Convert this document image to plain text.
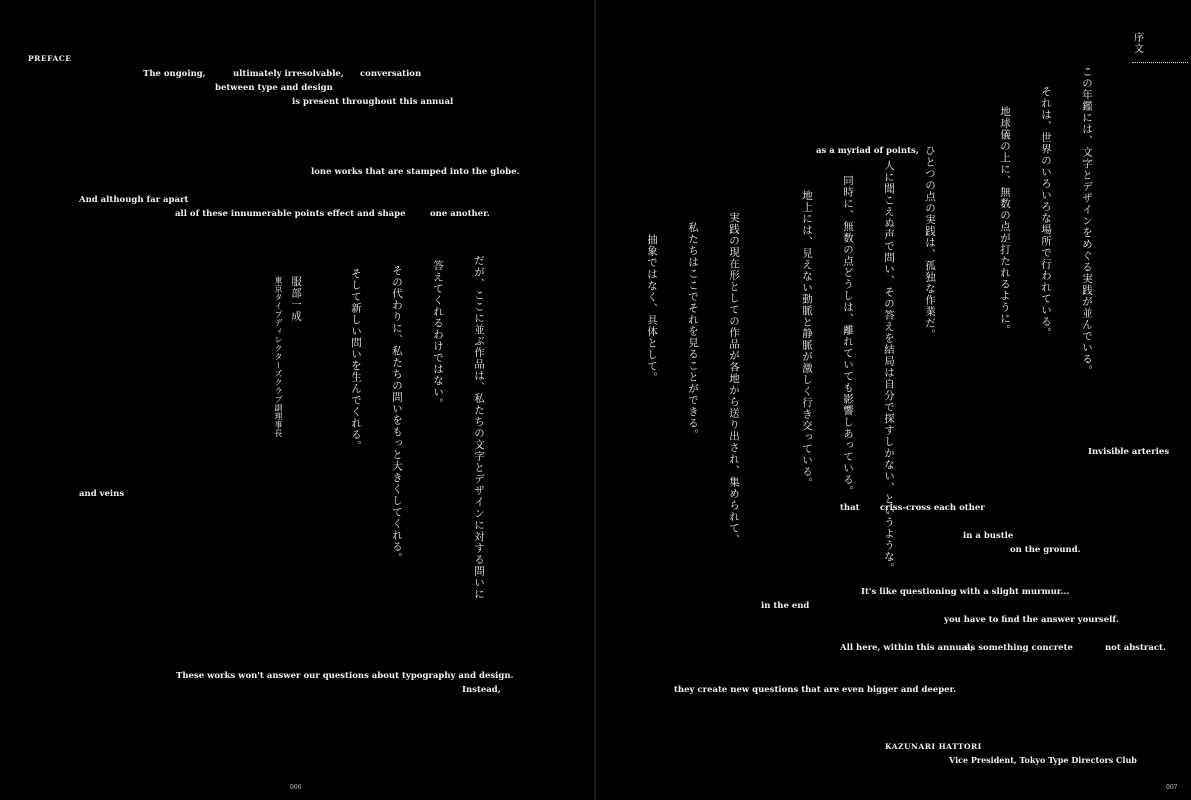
PREFACE
The ongoing,	ultimately irresolvable, conversation
between type and design
is present throughout this annual
lone works that are stamped into the globe.
And although far apart
all of these innumerable points effect and shape	one another.
and veins
These works won't answer our questions about typography and design.
Instead,
だが、ここに並ぶ作品は、私たちの文字とデザインに対する問いに
答えてくれるわけではない。
その代わりに、私たちの問いをもっと大きくしてくれる。
そして新しい問いを生んでくれる。
服部一成
東京タイプディレクターズクラブ副理事長
006
序文
この年鑑には、文字とデザインをめぐる実践が並んでいる。
それは、世界のいろいろな場所で行われている。
地球儀の上に、無数の点が打たれるように。
ひとつの点の実践は、孤独な作業だ。
人に聞こえぬ声で問い、その答えを結局は自分で探すしかない、というような。
同時に、無数の点どうしは、離れていても影響しあっている。
地上には、見えない動脈と静脈が激しく行き交っている。
実践の現在形としての作品が各地から送り出され、集められて、
私たちはここでそれを見ることができる。
抽象ではなく、具体として。
as a myriad of points,
Invisible arteries
that criss-cross each other
in a bustle
on the ground.
It's like questioning with a slight murmur...
in the end
you have to find the answer yourself.
All here, within this annual,
as something concrete	not abstract.
they create new questions that are even bigger and deeper.
KAZUNARI HATTORI
Vice President, Tokyo Type Directors Club
007
